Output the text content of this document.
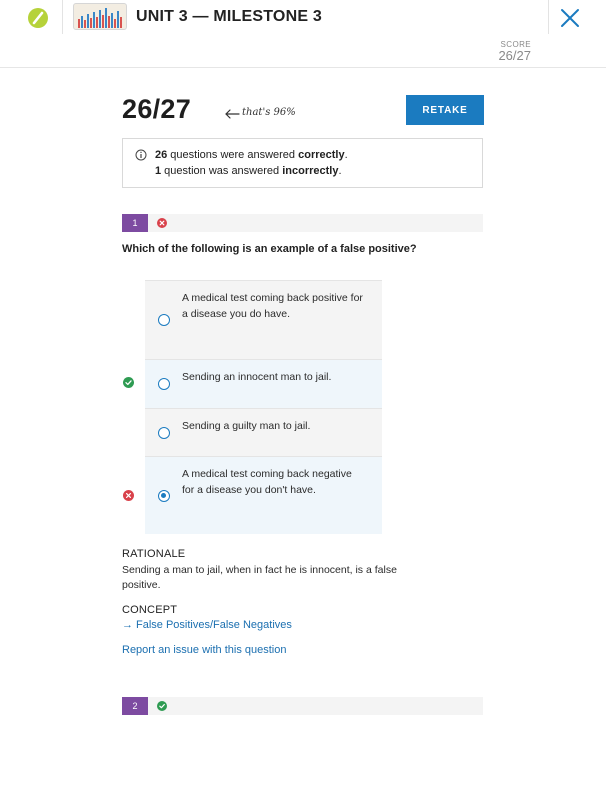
UNIT 3 — MILESTONE 3
SCORE
26/27
26/27	that's 96%	RETAKE
26 questions were answered correctly.
1 question was answered incorrectly.
1
Which of the following is an example of a false positive?
A medical test coming back positive for a disease you do have.
Sending an innocent man to jail.
Sending a guilty man to jail.
A medical test coming back negative for a disease you don't have.
RATIONALE
Sending a man to jail, when in fact he is innocent, is a false positive.
CONCEPT
→ False Positives/False Negatives
Report an issue with this question
2
